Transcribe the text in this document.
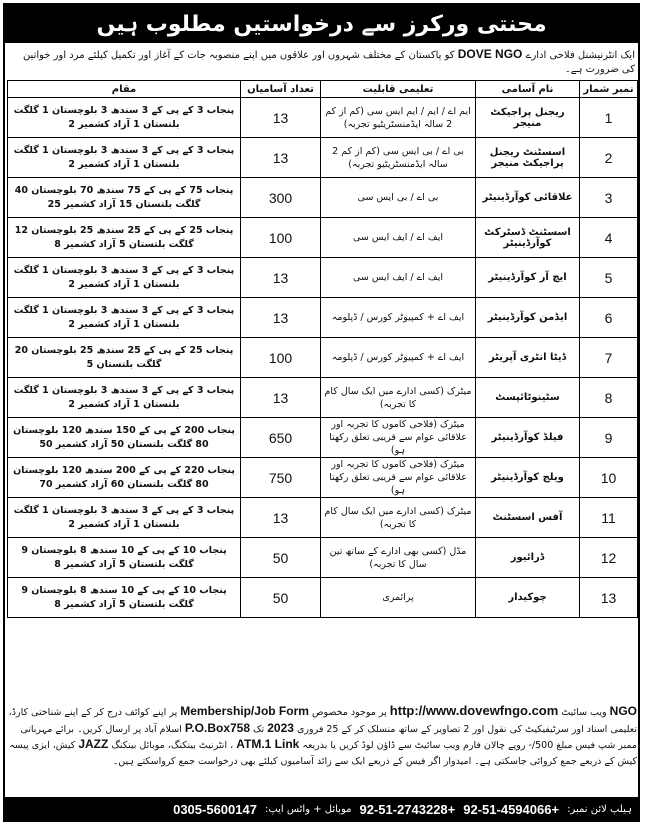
محنتی ورکرز سے درخواستیں مطلوب ہیں
ایک انٹرنیشنل فلاحی ادارے DOVE NGO کو پاکستان کے مختلف شہروں اور علاقوں میں اپنے منصوبہ جات کے آغاز اور تکمیل کیلئے مرد اور خواتین کی ضرورت ہے۔
نمبر شمار	نام آسامی	تعلیمی قابلیت	تعداد آسامیاں	مقام
1	ریجنل پراجیکٹ منیجر	ایم اے / ایم / ایم ایس سی (کم از کم 2 سالہ ایڈمنسٹریٹیو تجربہ)	13	پنجاب 3 کے پی کے 3 سندھ 3 بلوچستان 1 گلگت بلتستان 1 آزاد کشمیر 2
2	اسسٹنٹ ریجنل پراجیکٹ منیجر	بی اے / بی ایس سی (کم از کم 2 سالہ ایڈمنسٹریٹیو تجربہ)	13	پنجاب 3 کے پی کے 3 سندھ 3 بلوچستان 1 گلگت بلتستان 1 آزاد کشمیر 2
3	علاقائی کوآرڈینیٹر	بی اے / بی ایس سی	300	پنجاب 75 کے پی کے 75 سندھ 70 بلوچستان 40 گلگت بلتستان 15 آزاد کشمیر 25
4	اسسٹنٹ ڈسٹرکٹ کوآرڈینیٹر	ایف اے / ایف ایس سی	100	پنجاب 25 کے پی کے 25 سندھ 25 بلوچستان 12 گلگت بلتستان 5 آزاد کشمیر 8
5	ایچ آر کوآرڈینیٹر	ایف اے / ایف ایس سی	13	پنجاب 3 کے پی کے 3 سندھ 3 بلوچستان 1 گلگت بلتستان 1 آزاد کشمیر 2
6	ایڈمن کوآرڈینیٹر	ایف اے + کمپیوٹر کورس / ڈپلومہ	13	پنجاب 3 کے پی کے 3 سندھ 3 بلوچستان 1 گلگت بلتستان 1 آزاد کشمیر 2
7	ڈیٹا انٹری آپریٹر	ایف اے + کمپیوٹر کورس / ڈپلومہ	100	پنجاب 25 کے پی کے 25 سندھ 25 بلوچستان 20 گلگت بلتستان 5
8	سٹینوٹائپسٹ	میٹرک (کسی ادارے میں ایک سال کام کا تجربہ)	13	پنجاب 3 کے پی کے 3 سندھ 3 بلوچستان 1 گلگت بلتستان 1 آزاد کشمیر 2
9	فیلڈ کوآرڈینیٹر	میٹرک (فلاحی کاموں کا تجربہ اور علاقائی عوام سے قریبی تعلق رکھتا ہو)	650	پنجاب 200 کے پی کے 150 سندھ 120 بلوچستان 80 گلگت بلتستان 50 آزاد کشمیر 50
10	ویلج کوآرڈینیٹر	میٹرک (فلاحی کاموں کا تجربہ اور علاقائی عوام سے قریبی تعلق رکھتا ہو)	750	پنجاب 220 کے پی کے 200 سندھ 120 بلوچستان 80 گلگت بلتستان 60 آزاد کشمیر 70
11	آفس اسسٹنٹ	میٹرک (کسی ادارے میں ایک سال کام کا تجربہ)	13	پنجاب 3 کے پی کے 3 سندھ 3 بلوچستان 1 گلگت بلتستان 1 آزاد کشمیر 2
12	ڈرائیور	مڈل (کسی بھی ادارے کے ساتھ تین سال کا تجربہ)	50	پنجاب 10 کے پی کے 10 سندھ 8 بلوچستان 9 گلگت بلتستان 5 آزاد کشمیر 8
13	چوکیدار	پرائمری	50	پنجاب 10 کے پی کے 10 سندھ 8 بلوچستان 9 گلگت بلتستان 5 آزاد کشمیر 8
NGO ویب سائیٹ http://www.dovewfngo.com پر موجود مخصوص Membership/Job Form پر اپنے کوائف درج کر کے اپنے شناختی کارڈ، تعلیمی اسناد اور سرٹیفیکیٹ کی نقول اور 2 تصاویر کے ساتھ منسلک کر کے 25 فروری 2023 تک P.O.Box758 اسلام آباد پر ارسال کریں۔ برائے مہربانی ممبر شپ فیس مبلغ 500/- روپے چالان فارم ویب سائیٹ سے ڈاؤن لوڈ کریں یا بذریعہ ATM.1 Link ، انٹرنیٹ بینکنگ، موبائل بینکنگ JAZZ کیش، ایزی پیسہ کیش کے ذریعے جمع کروائی جاسکتی ہے۔ امیدوار اگر فیس کے ذریعے ایک سے زائد آسامیوں کیلئے بھی درخواست جمع کرواسکتے ہیں۔
ہیلپ لائن نمبر:
+92-51-4594066
+92-51-2743228
موبائل + واٹس ایپ:
0305-5600147
